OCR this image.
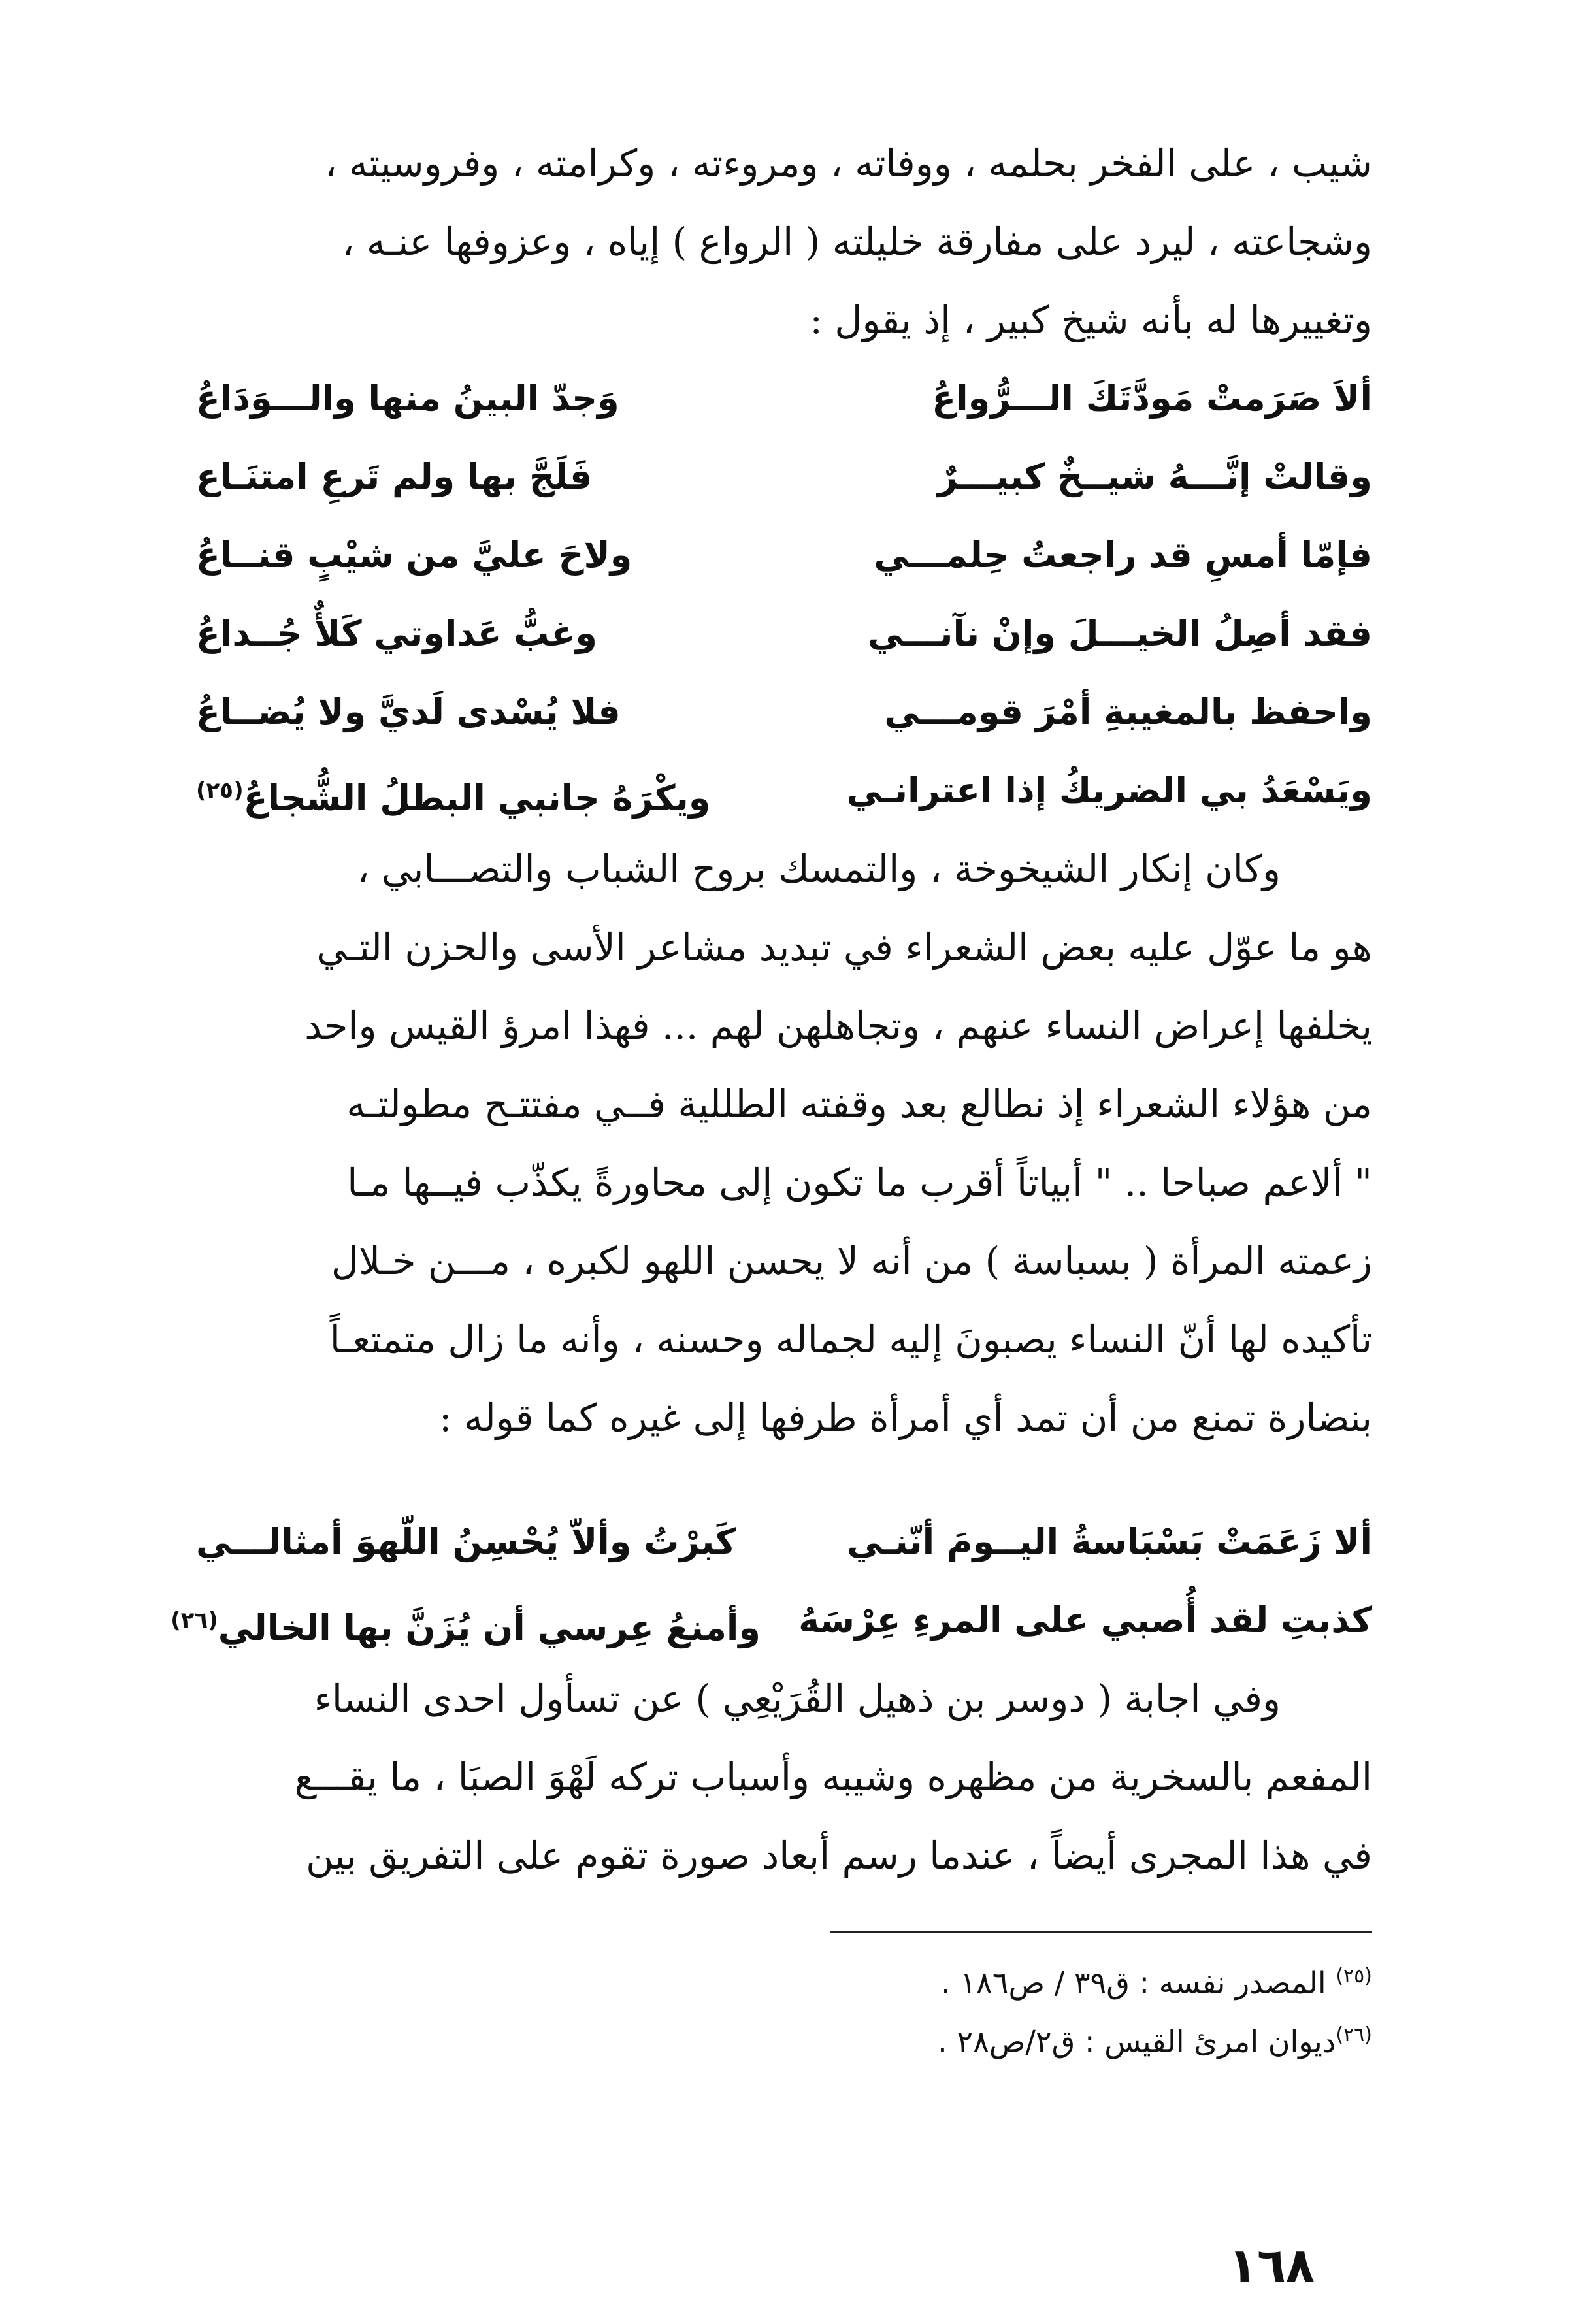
شيب ، على الفخر بحلمه ، ووفاته ، ومروءته ، وكرامته ، وفروسيته ،
وشجاعته ، ليرد على مفارقة خليلته ( الرواع ) إياه ، وعزوفها عنـه ،
وتغييرها له بأنه شيخ كبير ، إذ يقول :
ألاَ صَرَمتْ مَودَّتَكَ الـــرُّواعُ
وَجدّ البينُ منها والـــوَدَاعُ
وقالتْ إنَّـــهُ شيــخٌ كبيـــرٌ
فَلَجَّ بها ولم تَرعِ امتنَـاع
فإمّا أمسِ قد راجعتُ حِلمـــي
ولاحَ عليَّ من شيْبٍ قنــاعُ
فقد أصِلُ الخيـــلَ وإنْ نآنـــي
وغبُّ عَداوتي كَلأٌ جُــداعُ
واحفظ بالمغيبةِ أمْرَ قومـــي
فلا يُسْدى لَديَّ ولا يُضــاعُ
ويَسْعَدُ بي الضريكُ إذا اعترانـي
ويكْرَهُ جانبي البطلُ الشُّجاعُ$^{(٢٥)}$
وكان إنكار الشيخوخة ، والتمسك بروح الشباب والتصـــابي ،
هو ما عوّل عليه بعض الشعراء في تبديد مشاعر الأسى والحزن التـي
يخلفها إعراض النساء عنهم ، وتجاهلهن لهم ... فهذا امرؤ القيس واحد
من هؤلاء الشعراء إذ نطالع بعد وقفته الطللية فــي مفتتـح مطولتـه
" ألاعم صباحا .. " أبياتاً أقرب ما تكون إلى محاورةً يكذّب فيــها مـا
زعمته المرأة ( بسباسة ) من أنه لا يحسن اللهو لكبره ، مـــن خـلال
تأكيده لها أنّ النساء يصبونَ إليه لجماله وحسنه ، وأنه ما زال متمتعـاً
بنضارة تمنع من أن تمد أي أمرأة طرفها إلى غيره كما قوله :
ألا زَعَمَتْ بَسْبَاسةُ اليــومَ أنّنـي
كَبرْتُ وألاّ يُحْسِنُ اللّهوَ أمثالـــي
كذبتِ لقد أُصبي على المرءِ عِرْسَهُ
وأمنعُ عِرسي أن يُزَنَّ بها الخالي$^{(٢٦)}$
وفي اجابة ( دوسر بن ذهيل القُرَيْعِي ) عن تسأول احدى النساء
المفعم بالسخرية من مظهره وشيبه وأسباب تركه لَهْوَ الصبَا ، ما يقـــع
في هذا المجرى أيضاً ، عندما رسم أبعاد صورة تقوم على التفريق بين
$^{(٢٥)}$ المصدر نفسه : ق٣٩ / ص١٨٦ .
$^{(٢٦)}$ديوان امرئ القيس : ق٢/ص٢٨ .
١٦٨
